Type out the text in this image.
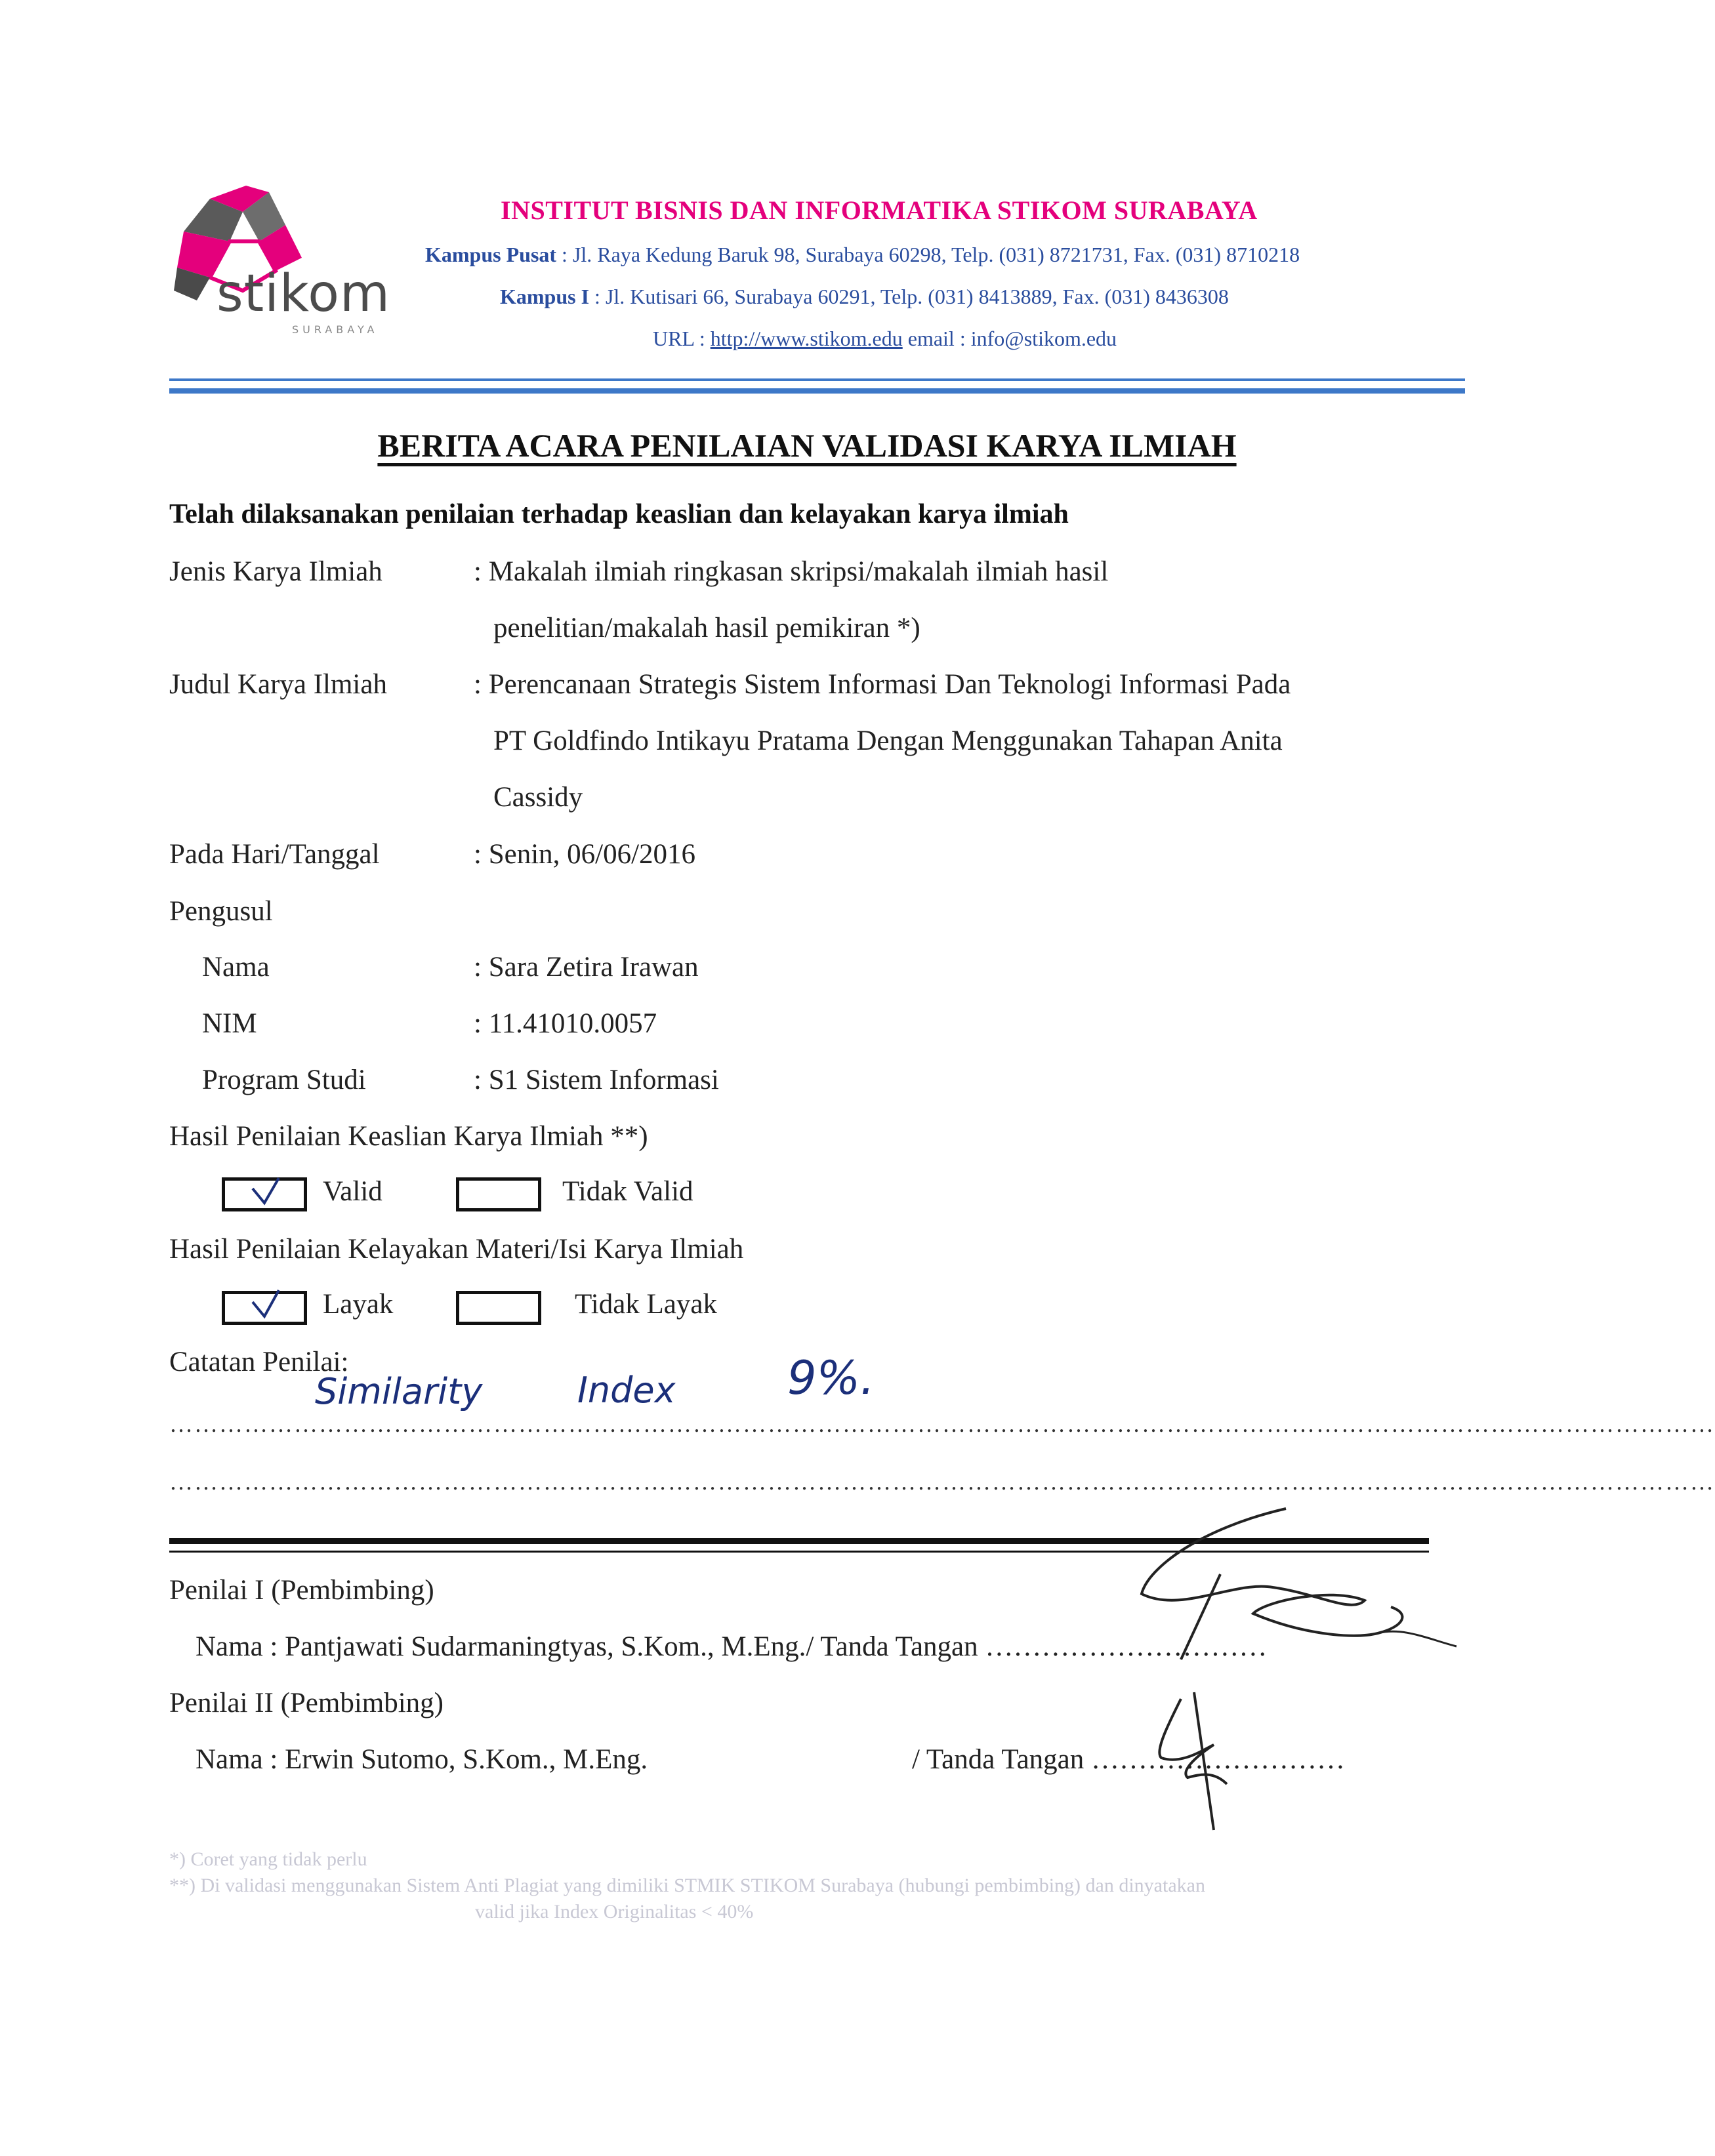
stikom
SURABAYA
INSTITUT BISNIS DAN INFORMATIKA STIKOM SURABAYA
Kampus Pusat : Jl. Raya Kedung Baruk 98, Surabaya 60298, Telp. (031) 8721731, Fax. (031) 8710218
Kampus I : Jl. Kutisari 66, Surabaya 60291, Telp. (031) 8413889, Fax. (031) 8436308
URL : http://www.stikom.edu email : info@stikom.edu
BERITA ACARA PENILAIAN VALIDASI KARYA ILMIAH
Telah dilaksanakan penilaian terhadap keaslian dan kelayakan karya ilmiah
Jenis Karya Ilmiah	: Makalah ilmiah ringkasan skripsi/makalah ilmiah hasil
penelitian/makalah hasil pemikiran *)
Judul Karya Ilmiah	: Perencanaan Strategis Sistem Informasi Dan Teknologi Informasi Pada
PT Goldfindo Intikayu Pratama Dengan Menggunakan Tahapan Anita
Cassidy
Pada Hari/Tanggal	: Senin, 06/06/2016
Pengusul
Nama	: Sara Zetira Irawan
NIM	: 11.41010.0057
Program Studi	: S1 Sistem Informasi
Hasil Penilaian Keaslian Karya Ilmiah **)
Valid	Tidak Valid
Hasil Penilaian Kelayakan Materi/Isi Karya Ilmiah
Layak	Tidak Layak
Catatan Penilai:
Similarity	Index 9%.
……………………………………………………………………………………………………………………………………………………………………
……………………………………………………………………………………………………………………………………………………………………
Penilai I (Pembimbing)
Nama : Pantjawati Sudarmaningtyas, S.Kom., M.Eng./ Tanda Tangan …………………………
Penilai II (Pembimbing)
Nama : Erwin Sutomo, S.Kom., M.Eng.	/ Tanda Tangan ………………………
*) Coret yang tidak perlu
**) Di validasi menggunakan Sistem Anti Plagiat yang dimiliki STMIK STIKOM Surabaya (hubungi pembimbing) dan dinyatakan
valid jika Index Originalitas < 40%
